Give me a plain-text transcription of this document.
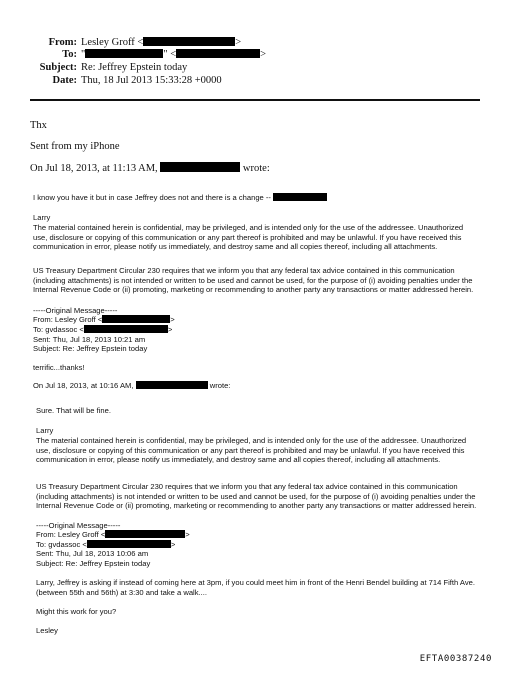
From: Lesley Groff <	>
To: "	" <	>
Subject: Re: Jeffrey Epstein today
Date: Thu, 18 Jul 2013 15:33:28 +0000
Thx
Sent from my iPhone
On Jul 18, 2013, at 11:13 AM,	wrote:
I know you have it but in case Jeffrey does not and there is a change --
Larry
The material contained herein is confidential, may be privileged, and is intended only for the use of the addressee. Unauthorized use, disclosure or copying of this communication or any part thereof is prohibited and may be unlawful. If you have received this communication in error, please notify us immediately, and destroy same and all copies thereof, including all attachments.
US Treasury Department Circular 230 requires that we inform you that any federal tax advice contained in this communication (including attachments) is not intended or written to be used and cannot be used, for the purpose of (i) avoiding penalties under the Internal Revenue Code or (ii) promoting, marketing or recommending to another party any transactions or matter addressed herein.
-----Original Message-----
From: Lesley Groff <	>
To: gvdassoc <	>
Sent: Thu, Jul 18, 2013 10:21 am
Subject: Re: Jeffrey Epstein today
terrific...thanks!
On Jul 18, 2013, at 10:16 AM,	wrote:
Sure. That will be fine.
Larry
The material contained herein is confidential, may be privileged, and is intended only for the use of the addressee. Unauthorized use, disclosure or copying of this communication or any part thereof is prohibited and may be unlawful. If you have received this communication in error, please notify us immediately, and destroy same and all copies thereof, including all attachments.
US Treasury Department Circular 230 requires that we inform you that any federal tax advice contained in this communication (including attachments) is not intended or written to be used and cannot be used, for the purpose of (i) avoiding penalties under the Internal Revenue Code or (ii) promoting, marketing or recommending to another party any transactions or matter addressed herein.
-----Original Message-----
From: Lesley Groff <	>
To: gvdassoc <	>
Sent: Thu, Jul 18, 2013 10:06 am
Subject: Re: Jeffrey Epstein today
Larry, Jeffrey is asking if instead of coming here at 3pm, if you could meet him in front of the Henri Bendel building at 714 Fifth Ave. (between 55th and 56th) at 3:30 and take a walk....
Might this work for you?
Lesley
EFTA00387240
